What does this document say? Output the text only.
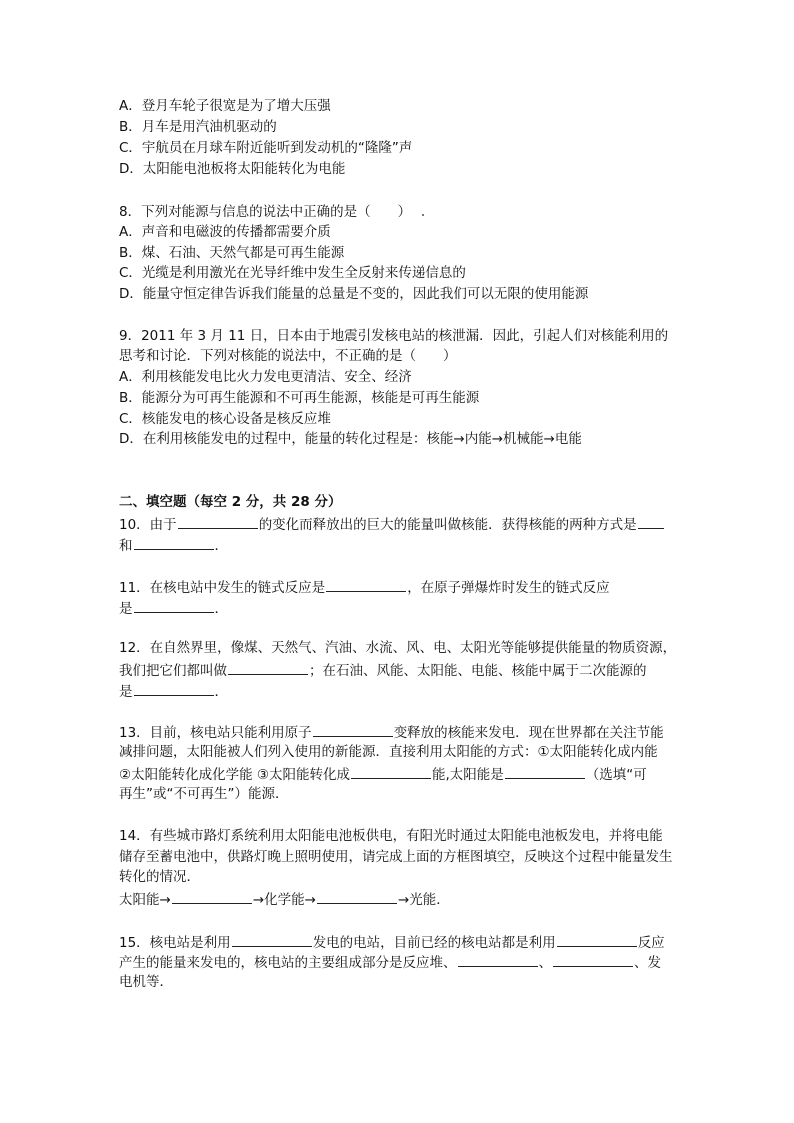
A．登月车轮子很宽是为了增大压强
B．月车是用汽油机驱动的
C．宇航员在月球车附近能听到发动机的“隆隆”声
D．太阳能电池板将太阳能转化为电能
8．下列对能源与信息的说法中正确的是（　　）
A．声音和电磁波的传播都需要介质
B．煤、石油、天然气都是可再生能源
C．光缆是利用激光在光导纤维中发生全反射来传递信息的
D．能量守恒定律告诉我们能量的总量是不变的，因此我们可以无限的使用能源
9．2011 年 3 月 11 日，日本由于地震引发核电站的核泄漏．因此，引起人们对核能利用的
思考和讨论．下列对核能的说法中，不正确的是（　　）
A．利用核能发电比火力发电更清洁、安全、经济
B．能源分为可再生能源和不可再生能源，核能是可再生能源
C．核能发电的核心设备是核反应堆
D．在利用核能发电的过程中，能量的转化过程是：核能→内能→机械能→电能
二、填空题（每空 2 分，共 28 分）
10．由于	的变化而释放出的巨大的能量叫做核能．获得核能的两种方式是
和	．
11．在核电站中发生的链式反应是	，在原子弹爆炸时发生的链式反应
是	．
12．在自然界里，像煤、天然气、汽油、水流、风、电、太阳光等能够提供能量的物质资源，
我们把它们都叫做	；在石油、风能、太阳能、电能、核能中属于二次能源的
是	．
13．目前，核电站只能利用原子	变释放的核能来发电．现在世界都在关注节能
减排问题，太阳能被人们列入使用的新能源．直接利用太阳能的方式：①太阳能转化成内能
②太阳能转化成化学能 ③太阳能转化成	能,太阳能是	（选填“可
再生”或“不可再生”）能源．
14．有些城市路灯系统利用太阳能电池板供电，有阳光时通过太阳能电池板发电，并将电能
储存至蓄电池中，供路灯晚上照明使用，请完成上面的方框图填空，反映这个过程中能量发生
转化的情况．
太阳能→	→化学能→	→光能．
15．核电站是利用	发电的电站，目前已经的核电站都是利用	反应
产生的能量来发电的，核电站的主要组成部分是反应堆、	、	、发
电机等．
